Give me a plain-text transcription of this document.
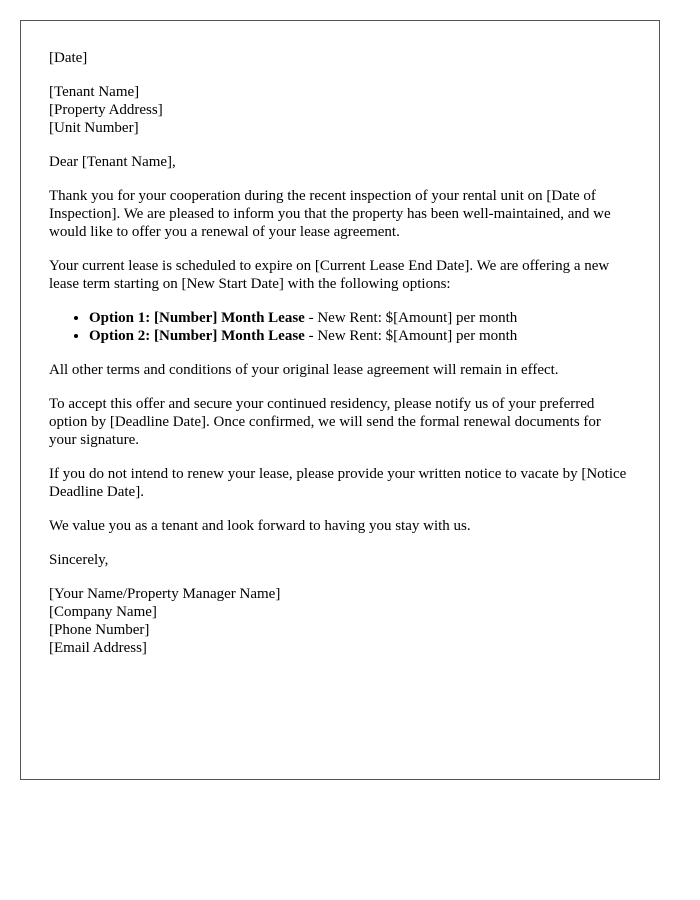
[Date]

[Tenant Name]
[Property Address]
[Unit Number]

Dear [Tenant Name],

Thank you for your cooperation during the recent inspection of your rental unit on [Date of Inspection]. We are pleased to inform you that the property has been well-maintained, and we would like to offer you a renewal of your lease agreement.

Your current lease is scheduled to expire on [Current Lease End Date]. We are offering a new lease term starting on [New Start Date] with the following options:

• Option 1: [Number] Month Lease - New Rent: $[Amount] per month
• Option 2: [Number] Month Lease - New Rent: $[Amount] per month

All other terms and conditions of your original lease agreement will remain in effect.

To accept this offer and secure your continued residency, please notify us of your preferred option by [Deadline Date]. Once confirmed, we will send the formal renewal documents for your signature.

If you do not intend to renew your lease, please provide your written notice to vacate by [Notice Deadline Date].

We value you as a tenant and look forward to having you stay with us.

Sincerely,

[Your Name/Property Manager Name]
[Company Name]
[Phone Number]
[Email Address]
